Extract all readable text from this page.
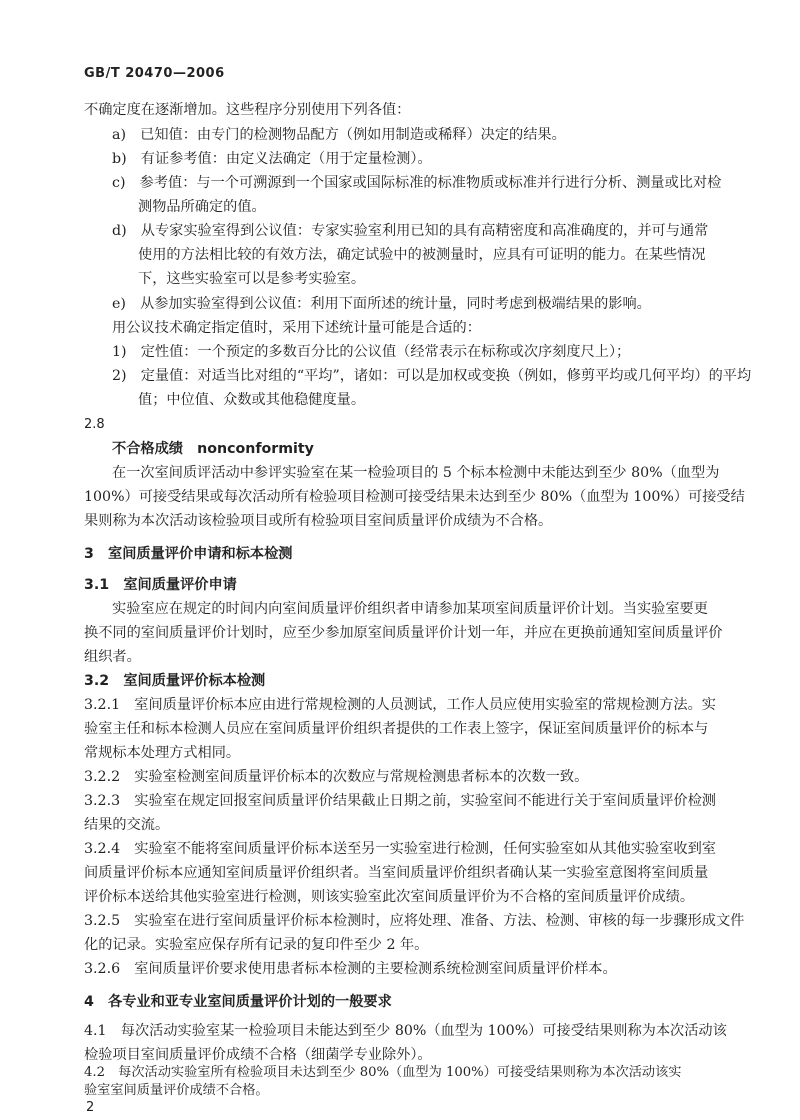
GB/T 20470—2006
不确定度在逐渐增加。这些程序分别使用下列各值：
a)　已知值：由专门的检测物品配方（例如用制造或稀释）决定的结果。
b)　有证参考值：由定义法确定（用于定量检测）。
c)　参考值：与一个可溯源到一个国家或国际标准的标准物质或标准并行进行分析、测量或比对检
测物品所确定的值。
d)　从专家实验室得到公议值：专家实验室利用已知的具有高精密度和高准确度的，并可与通常
使用的方法相比较的有效方法，确定试验中的被测量时，应具有可证明的能力。在某些情况
下，这些实验室可以是参考实验室。
e)　从参加实验室得到公议值：利用下面所述的统计量，同时考虑到极端结果的影响。
用公议技术确定指定值时，采用下述统计量可能是合适的：
1)　定性值：一个预定的多数百分比的公议值（经常表示在标称或次序刻度尺上）；
2)　定量值：对适当比对组的“平均”，诸如：可以是加权或变换（例如，修剪平均或几何平均）的平均
值；中位值、众数或其他稳健度量。
2.8
不合格成绩　nonconformity
在一次室间质评活动中参评实验室在某一检验项目的 5 个标本检测中未能达到至少 80%（血型为
100%）可接受结果或每次活动所有检验项目检测可接受结果未达到至少 80%（血型为 100%）可接受结
果则称为本次活动该检验项目或所有检验项目室间质量评价成绩为不合格。
3　室间质量评价申请和标本检测
3.1　室间质量评价申请
实验室应在规定的时间内向室间质量评价组织者申请参加某项室间质量评价计划。当实验室要更
换不同的室间质量评价计划时，应至少参加原室间质量评价计划一年，并应在更换前通知室间质量评价
组织者。
3.2　室间质量评价标本检测
3.2.1　室间质量评价标本应由进行常规检测的人员测试，工作人员应使用实验室的常规检测方法。实
验室主任和标本检测人员应在室间质量评价组织者提供的工作表上签字，保证室间质量评价的标本与
常规标本处理方式相同。
3.2.2　实验室检测室间质量评价标本的次数应与常规检测患者标本的次数一致。
3.2.3　实验室在规定回报室间质量评价结果截止日期之前，实验室间不能进行关于室间质量评价检测
结果的交流。
3.2.4　实验室不能将室间质量评价标本送至另一实验室进行检测，任何实验室如从其他实验室收到室
间质量评价标本应通知室间质量评价组织者。当室间质量评价组织者确认某一实验室意图将室间质量
评价标本送给其他实验室进行检测，则该实验室此次室间质量评价为不合格的室间质量评价成绩。
3.2.5　实验室在进行室间质量评价标本检测时，应将处理、准备、方法、检测、审核的每一步骤形成文件
化的记录。实验室应保存所有记录的复印件至少 2 年。
3.2.6　室间质量评价要求使用患者标本检测的主要检测系统检测室间质量评价样本。
4　各专业和亚专业室间质量评价计划的一般要求
4.1　每次活动实验室某一检验项目未能达到至少 80%（血型为 100%）可接受结果则称为本次活动该
检验项目室间质量评价成绩不合格（细菌学专业除外）。
4.2　每次活动实验室所有检验项目未达到至少 80%（血型为 100%）可接受结果则称为本次活动该实
2
验室室间质量评价成绩不合格。
